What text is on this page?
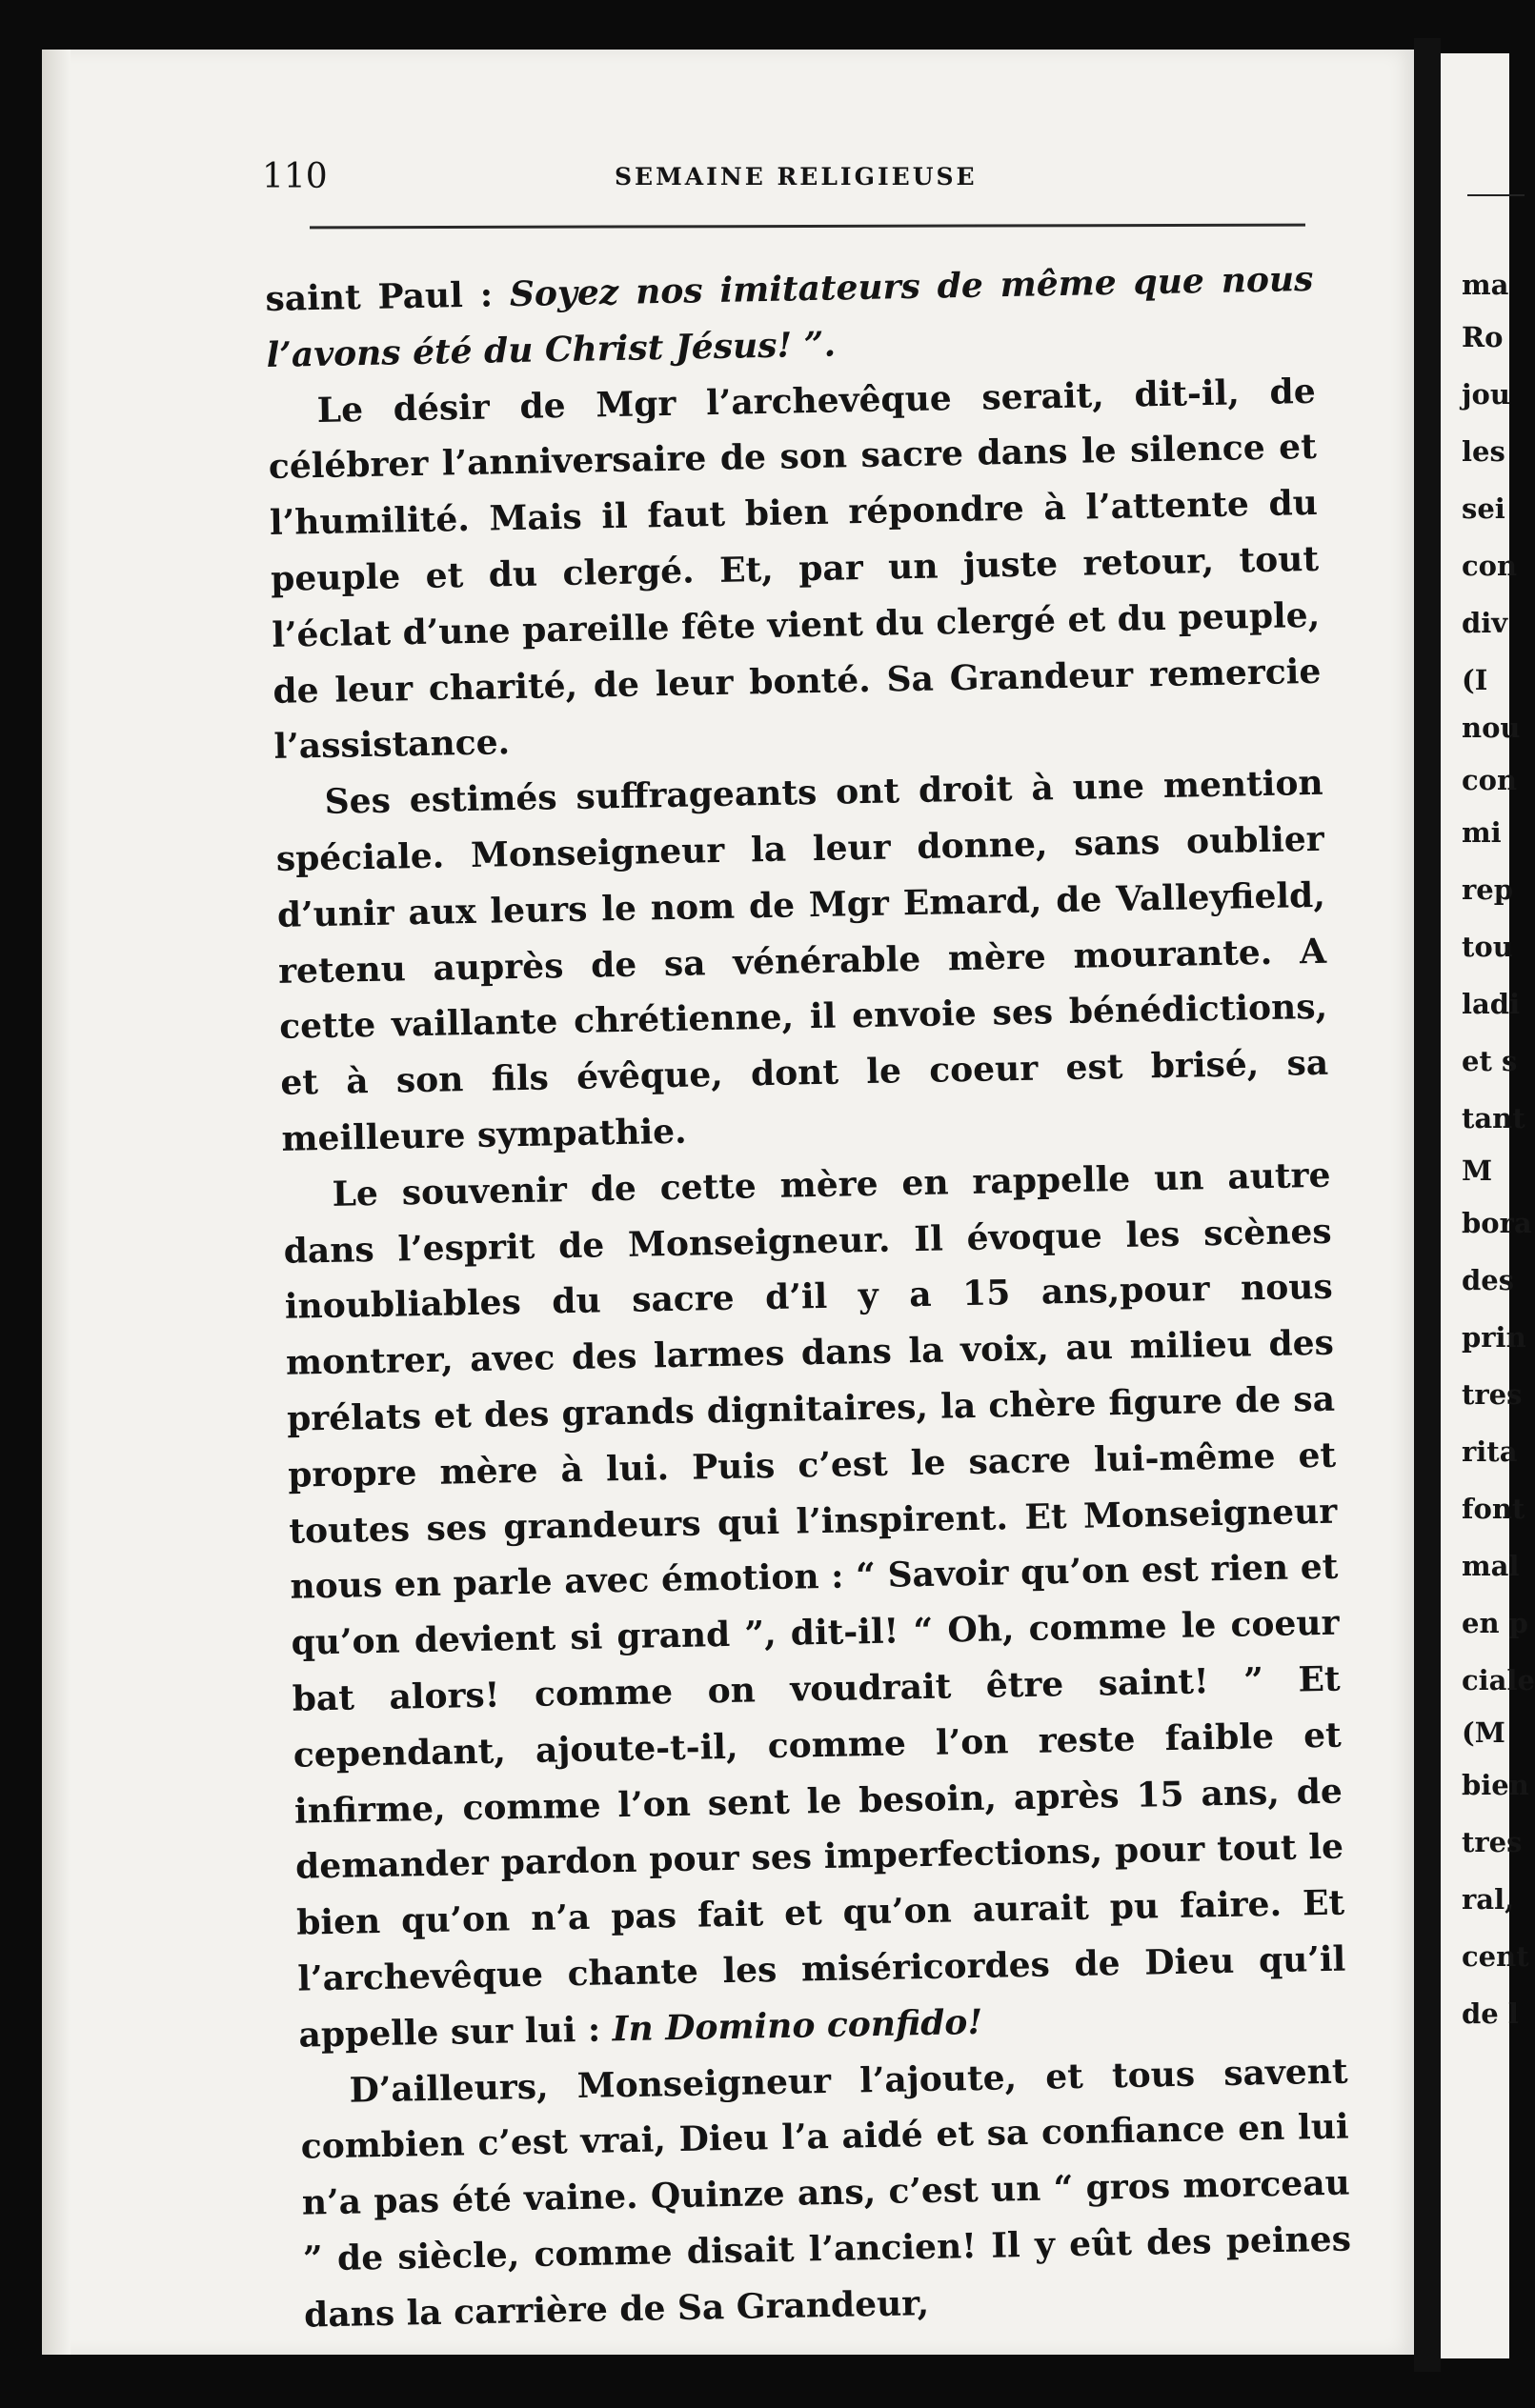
ma
Ro
jou
les
sei
con
div
(I
nou
con
mi
rep
tou
ladi
et s
tant
M
bora
des
prin
tres
rita
font
mal
en p
ciale
(M
bien
tres
ral,
cent
de l
110	SEMAINE RELIGIEUSE

saint Paul : Soyez nos imitateurs de même que nous l’avons été du Christ Jésus! ”.

Le désir de Mgr l’archevêque serait, dit-il, de célébrer l’anniversaire de son sacre dans le silence et l’humilité. Mais il faut bien répondre à l’attente du peuple et du clergé. Et, par un juste retour, tout l’éclat d’une pareille fête vient du clergé et du peuple, de leur charité, de leur bonté. Sa Grandeur remercie l’assistance.

Ses estimés suffrageants ont droit à une mention spéciale. Monseigneur la leur donne, sans oublier d’unir aux leurs le nom de Mgr Emard, de Valleyfield, retenu auprès de sa vénérable mère mourante. A cette vaillante chrétienne, il envoie ses bénédictions, et à son fils évêque, dont le coeur est brisé, sa meilleure sympathie.

Le souvenir de cette mère en rappelle un autre dans l’esprit de Monseigneur. Il évoque les scènes inoubliables du sacre d’il y a 15 ans,pour nous montrer, avec des larmes dans la voix, au milieu des prélats et des grands dignitaires, la chère figure de sa propre mère à lui. Puis c’est le sacre lui-même et toutes ses grandeurs qui l’inspirent. Et Monseigneur nous en parle avec émotion : “ Savoir qu’on est rien et qu’on devient si grand ”, dit-il! “ Oh, comme le coeur bat alors! comme on voudrait être saint! ” Et cependant, ajoute-t-il, comme l’on reste faible et infirme, comme l’on sent le besoin, après 15 ans, de demander pardon pour ses imperfections, pour tout le bien qu’on n’a pas fait et qu’on aurait pu faire. Et l’archevêque chante les miséricordes de Dieu qu’il appelle sur lui : In Domino confido!

D’ailleurs, Monseigneur l’ajoute, et tous savent combien c’est vrai, Dieu l’a aidé et sa confiance en lui n’a pas été vaine. Quinze ans, c’est un “ gros morceau ” de siècle, comme disait l’ancien! Il y eût des peines dans la carrière de Sa Grandeur,
